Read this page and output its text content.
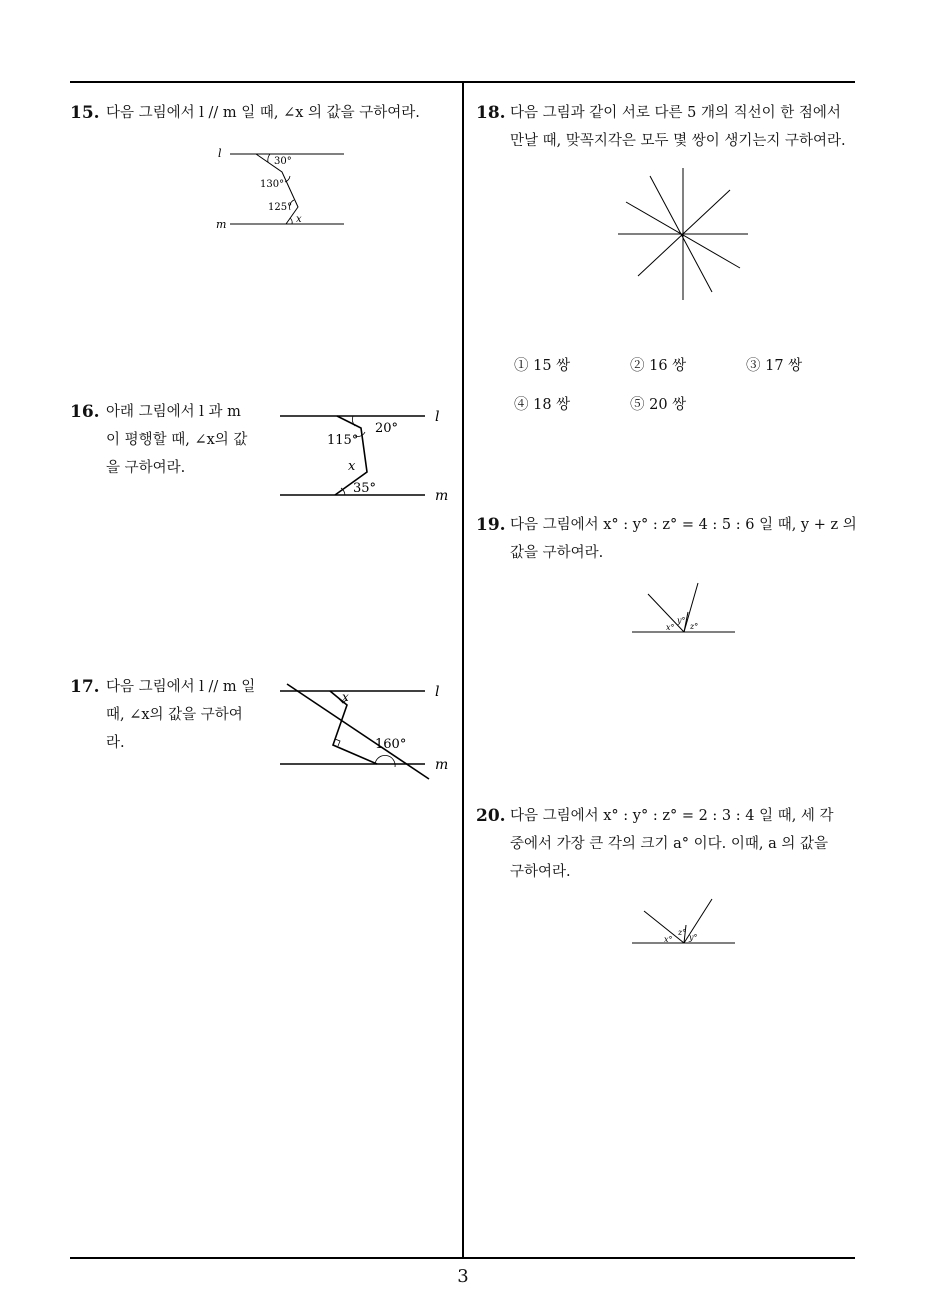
15. 다음 그림에서 l // m 일 때, ∠x 의 값을 구하여라.
l
m
30°
130°
125°
x
16. 아래 그림에서 l 과 m
이 평행할 때, ∠x의 값
을 구하여라.
l
m
20°
115°
x
35°
17. 다음 그림에서 l // m 일
때, ∠x의 값을 구하여
라.
l
m
x
160°
18. 다음 그림과 같이 서로 다른 5 개의 직선이 한 점에서
만날 때, 맞꼭지각은 모두 몇 쌍이 생기는지 구하여라.
① 15 쌍	② 16 쌍	③ 17 쌍
④ 18 쌍	⑤ 20 쌍
19. 다음 그림에서 x° : y° : z° = 4 : 5 : 6 일 때, y + z 의
값을 구하여라.
x°
y°
z°
20. 다음 그림에서 x° : y° : z° = 2 : 3 : 4 일 때, 세 각
중에서 가장 큰 각의 크기 a° 이다. 이때, a 의 값을
구하여라.
x°
z°
y°
3
